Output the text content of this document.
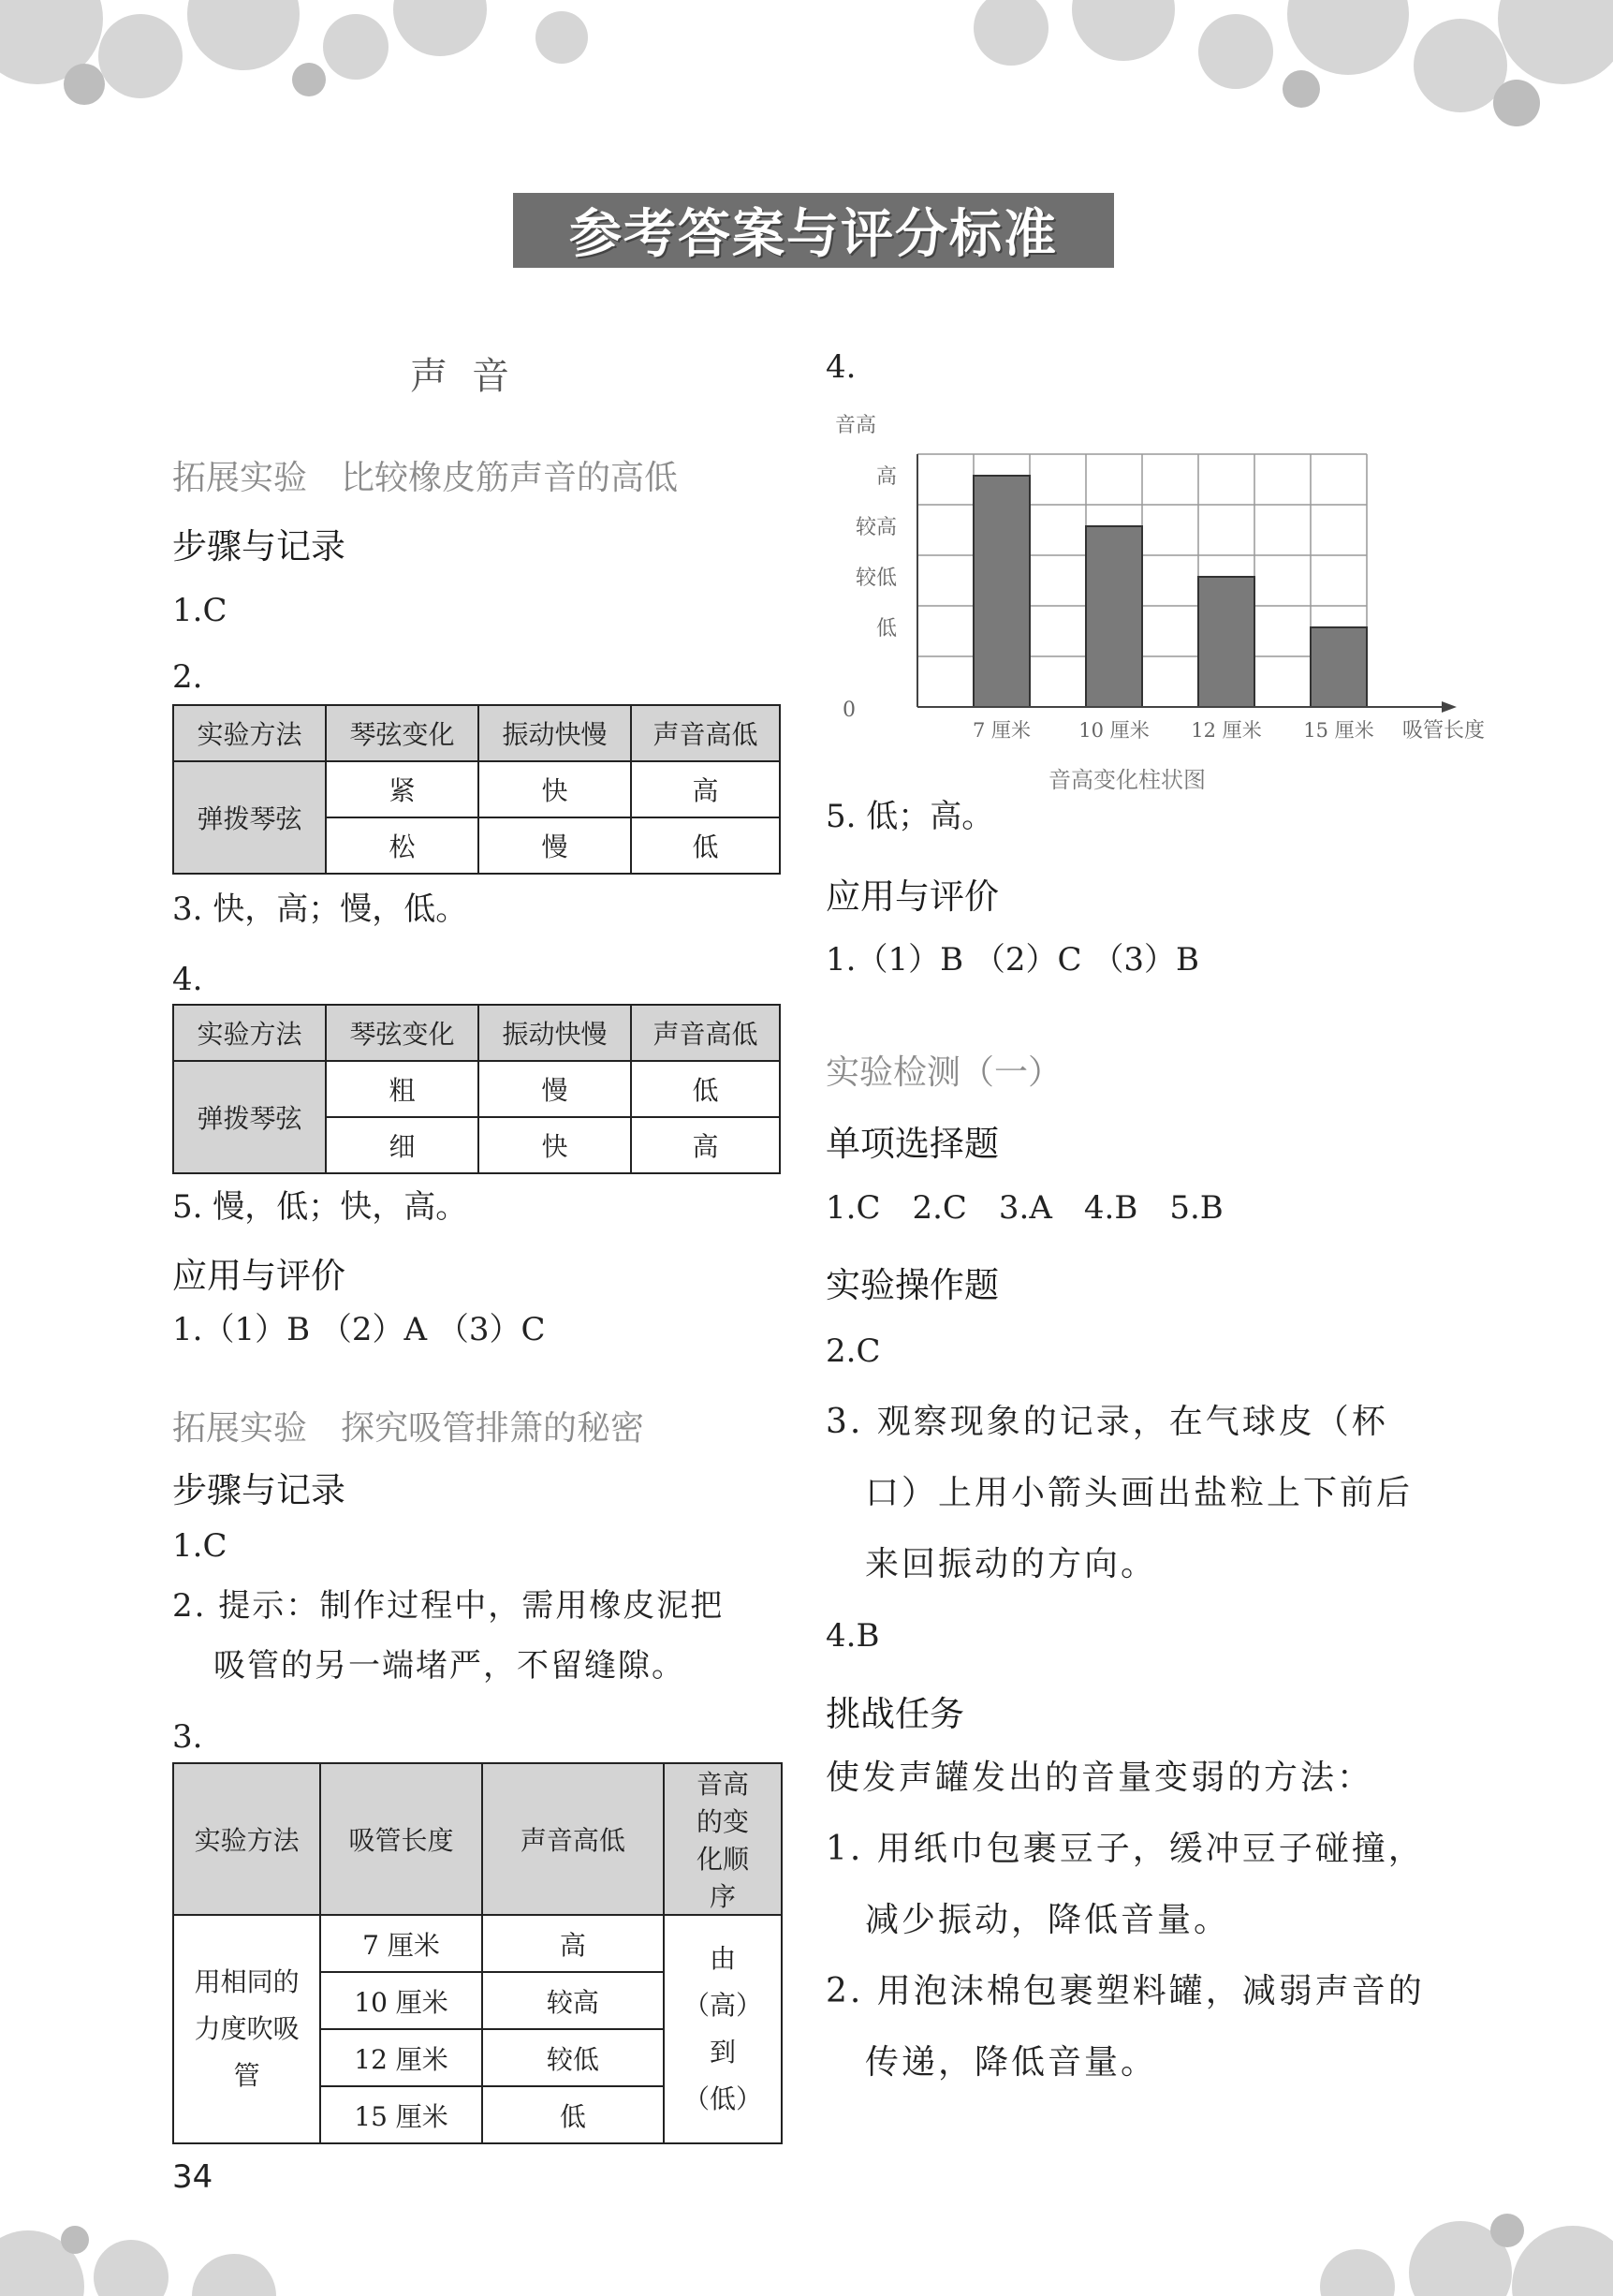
参考答案与评分标准
声音
拓展实验　比较橡皮筋声音的高低
步骤与记录
1.C
2.
实验方法	琴弦变化	振动快慢	声音高低
弹拨琴弦	紧	快	高
	松	慢	低
3. 快，高；慢，低。
4.
实验方法	琴弦变化	振动快慢	声音高低
弹拨琴弦	粗	慢	低
	细	快	高
5. 慢，低；快，高。
应用与评价
1.（1）B （2）A （3）C
拓展实验　探究吸管排箫的秘密
步骤与记录
1.C
2. 提示：制作过程中，需用橡皮泥把
吸管的另一端堵严，不留缝隙。
3.
实验方法	吸管长度	声音高低	音高的变化顺序
用相同的力度吹吸管	7 厘米	高	由（高）到（低）
	10 厘米	较高	
	12 厘米	较低	
	15 厘米	低	
34
4.
7 厘米 10 厘米 12 厘米 15 厘米
低
较低
较高
高
音高
吸管长度
0
音高变化柱状图
5. 低；高。
应用与评价
1.（1）B （2）C （3）B
实验检测（一）
单项选择题
1.C　2.C　3.A　4.B　5.B
实验操作题
2.C
3. 观察现象的记录，在气球皮（杯
口）上用小箭头画出盐粒上下前后
来回振动的方向。
4.B
挑战任务
使发声罐发出的音量变弱的方法：
1. 用纸巾包裹豆子，缓冲豆子碰撞，
减少振动，降低音量。
2. 用泡沫棉包裹塑料罐，减弱声音的
传递，降低音量。
